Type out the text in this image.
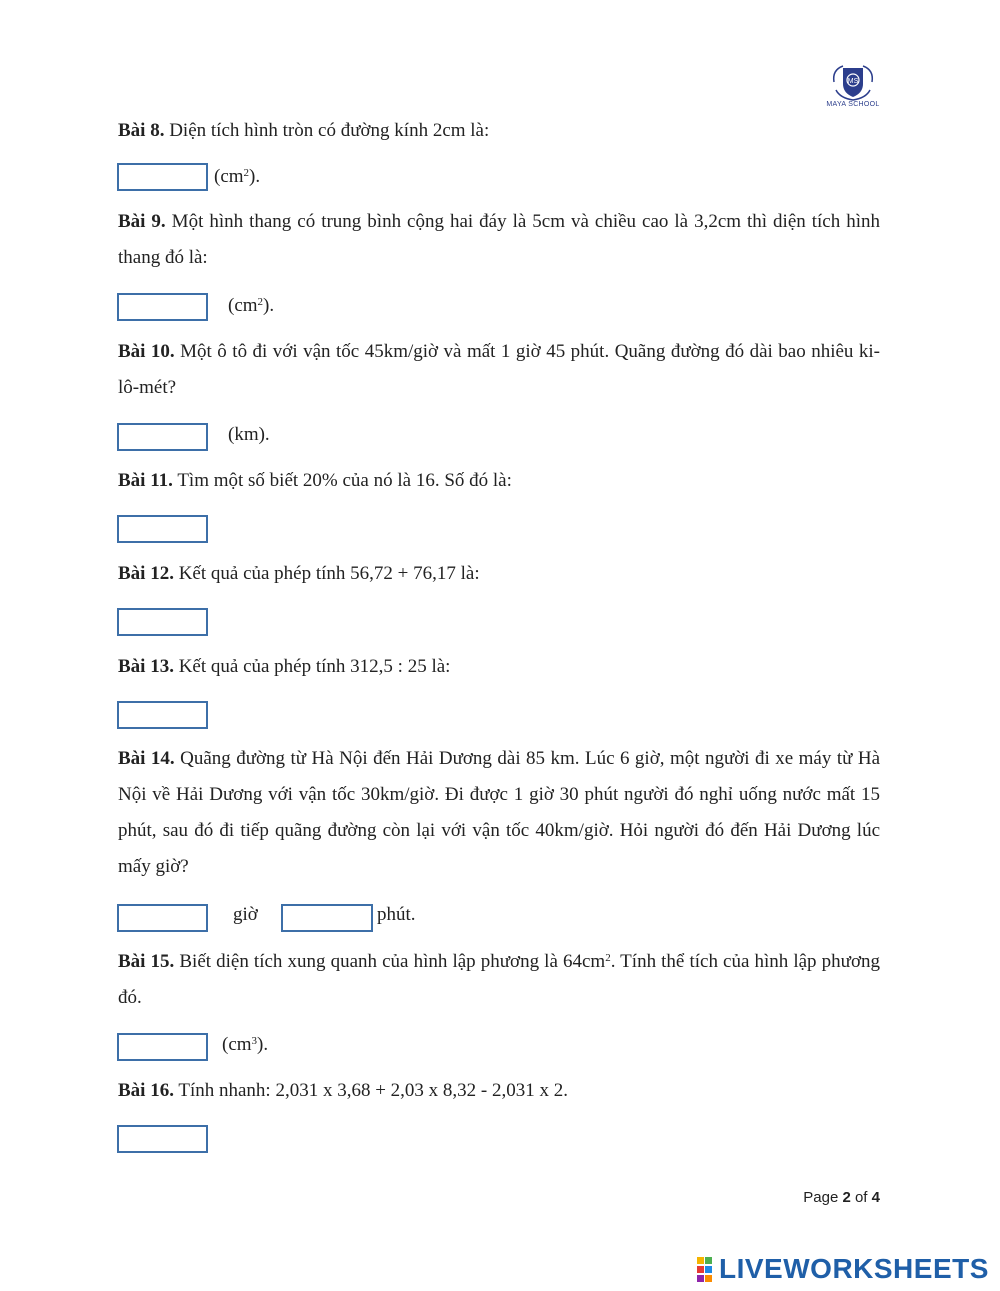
MS
MAYA SCHOOL
Bài 8. Diện tích hình tròn có đường kính 2cm là:
$(cm^2)$.
Bài 9. Một hình thang có trung bình cộng hai đáy là 5cm và chiều cao là 3,2cm thì diện tích hình thang đó là:
$(cm^2)$.
Bài 10. Một ô tô đi với vận tốc 45km/giờ và mất 1 giờ 45 phút. Quãng đường đó dài bao nhiêu ki-lô-mét?
(km).
Bài 11. Tìm một số biết 20% của nó là 16. Số đó là:
Bài 12. Kết quả của phép tính 56,72 + 76,17 là:
Bài 13. Kết quả của phép tính 312,5 : 25 là:
Bài 14. Quãng đường từ Hà Nội đến Hải Dương dài 85 km. Lúc 6 giờ, một người đi xe máy từ Hà Nội về Hải Dương với vận tốc 30km/giờ. Đi được 1 giờ 30 phút người đó nghỉ uống nước mất 15 phút, sau đó đi tiếp quãng đường còn lại với vận tốc 40km/giờ. Hỏi người đó đến Hải Dương lúc mấy giờ?
giờ	phút.
Bài 15. Biết diện tích xung quanh của hình lập phương là $64cm^2$. Tính thể tích của hình lập phương đó.
$(cm^3)$.
Bài 16. Tính nhanh: 2,031 x 3,68 + 2,03 x 8,32 - 2,031 x 2.
Page 2 of 4
LIVEWORKSHEETS
